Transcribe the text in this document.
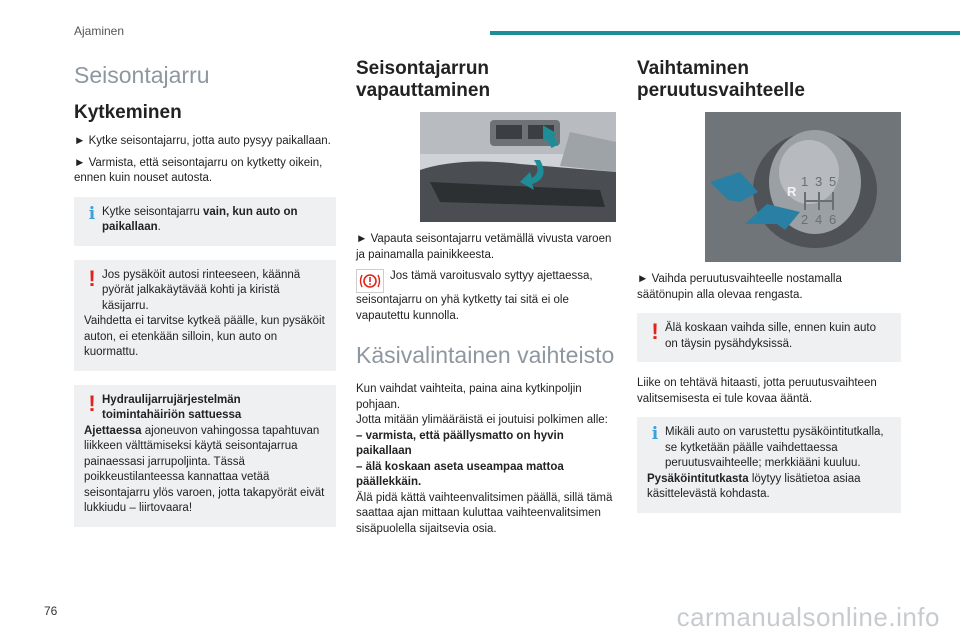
Ajaminen
Seisontajarru
Kytkeminen
► Kytke seisontajarru, jotta auto pysyy paikallaan.
► Varmista, että seisontajarru on kytketty oikein, ennen kuin nouset autosta.
i Kytke seisontajarru vain, kun auto on paikallaan.
! Jos pysäköit autosi rinteeseen, käännä pyörät jalkakäytävää kohti ja kiristä käsijarru.
Vaihdetta ei tarvitse kytkeä päälle, kun pysäköit auton, ei etenkään silloin, kun auto on kuormattu.
! Hydraulijarrujärjestelmän toimintahäiriön sattuessa
Ajettaessa ajoneuvon vahingossa tapahtuvan liikkeen välttämiseksi käytä seisontajarrua painaessasi jarrupoljinta. Tässä poikkeustilanteessa kannattaa vetää seisontajarru ylös varoen, jotta takapyörät eivät lukkiudu – liirtovaara!
Seisontajarrun vapauttaminen
► Vapauta seisontajarru vetämällä vivusta varoen ja painamalla painikkeesta.
Jos tämä varoitusvalo syttyy ajettaessa, seisontajarru on yhä kytketty tai sitä ei ole vapautettu kunnolla.
Käsivalintainen vaihteisto
Kun vaihdat vaihteita, paina aina kytkinpoljin pohjaan.
Jotta mitään ylimääräistä ei joutuisi polkimen alle:
– varmista, että päällysmatto on hyvin paikallaan
– älä koskaan aseta useampaa mattoa päällekkäin.
Älä pidä kättä vaihteenvalitsimen päällä, sillä tämä saattaa ajan mittaan kuluttaa vaihteenvalitsimen sisäpuolella sijaitsevia osia.
Vaihtaminen peruutusvaihteelle
R
1 3 5
2 4 6
► Vaihda peruutusvaihteelle nostamalla säätönupin alla olevaa rengasta.
! Älä koskaan vaihda sille, ennen kuin auto on täysin pysähdyksissä.
Liike on tehtävä hitaasti, jotta peruutusvaihteen valitsemisesta ei tule kovaa ääntä.
i Mikäli auto on varustettu pysäköintitutkalla, se kytketään päälle vaihdettaessa peruutusvaihteelle; merkkiääni kuuluu.
Pysäköintitutkasta löytyy lisätietoa asiaa käsittelevästä kohdasta.
76	carmanualsonline.info
